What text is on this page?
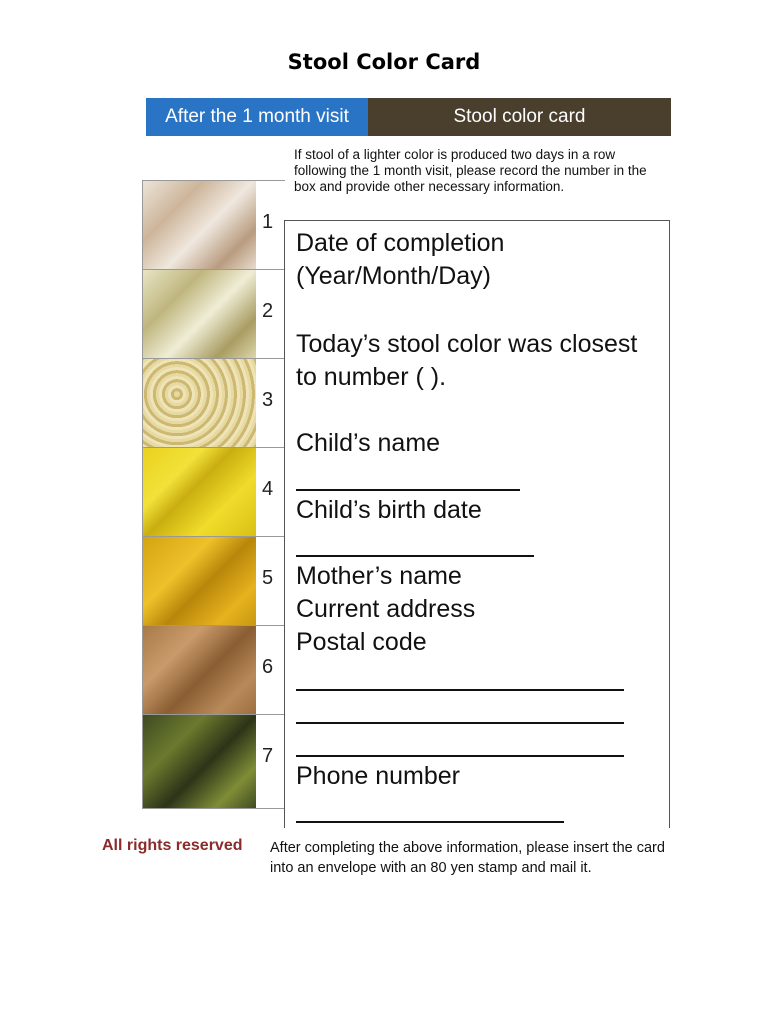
Stool Color Card
After the 1 month visit	Stool color card
If stool of a lighter color is produced two days in a row following the 1 month visit, please record the number in the box and provide other necessary information.
1
2
3
4
5
6
7
Date of completion
(Year/Month/Day)
Today’s stool color was closest
to number ( ).
Child’s name
Child’s birth date
Mother’s name
Current address
Postal code
Phone number
All rights reserved After completing the above information, please insert the card into an envelope with an 80 yen stamp and mail it.
